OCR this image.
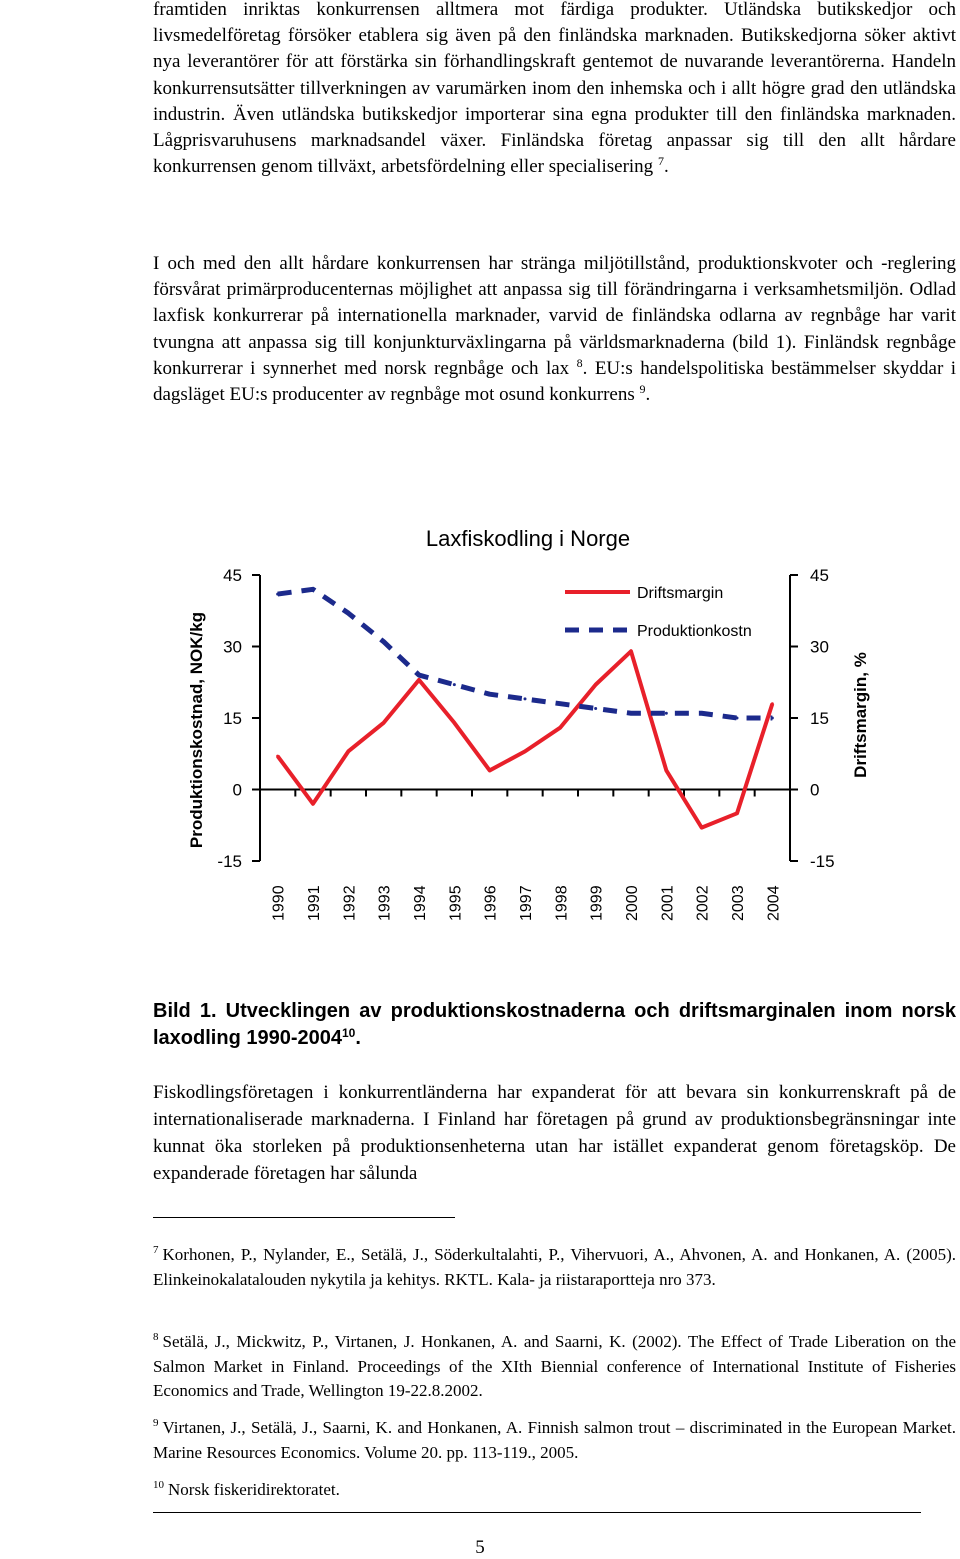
framtiden inriktas konkurrensen alltmera mot färdiga produkter. Utländska butikskedjor och livsmedelföretag försöker etablera sig även på den finländska marknaden. Butikskedjorna söker aktivt nya leverantörer för att förstärka sin förhandlingskraft gentemot de nuvarande leverantörerna. Handeln konkurrensutsätter tillverkningen av varumärken inom den inhemska och i allt högre grad den utländska industrin. Även utländska butikskedjor importerar sina egna produkter till den finländska marknaden. Lågprisvaruhusens marknadsandel växer. Finländska företag anpassar sig till den allt hårdare konkurrensen genom tillväxt, arbetsfördelning eller specialisering $^7$.

I och med den allt hårdare konkurrensen har stränga miljötillstånd, produktionskvoter och -reglering försvårat primärproducenternas möjlighet att anpassa sig till förändringarna i verksamhetsmiljön. Odlad laxfisk konkurrerar på internationella marknader, varvid de finländska odlarna av regnbåge har varit tvungna att anpassa sig till konjunkturväxlingarna på världsmarknaderna (bild 1). Finländsk regnbåge konkurrerar i synnerhet med norsk regnbåge och lax $^8$. EU:s handelspolitiska bestämmelser skyddar i dagsläget EU:s producenter av regnbåge mot osund konkurrens $^9$.

Laxfiskodling i Norge
Produktionskostnad, NOK/kg	Driftsmargin, %
45	45
30	30
15	15
0	0
-15	-15
1990 1991 1992 1993 1994 1995 1996 1997 1998 1999 2000 2001 2002 2003 2004
Driftsmargin
Produktionkostn

Bild 1. Utvecklingen av produktionskostnaderna och driftsmarginalen inom norsk laxodling 1990-2004$^{10}$.

Fiskodlingsföretagen i konkurrentländerna har expanderat för att bevara sin konkurrenskraft på de internationaliserade marknaderna. I Finland har företagen på grund av produktionsbegränsningar inte kunnat öka storleken på produktionsenheterna utan har istället expanderat genom företagsköp. De expanderade företagen har sålunda

$^7$ Korhonen, P., Nylander, E., Setälä, J., Söderkultalahti, P., Vihervuori, A., Ahvonen, A. and Honkanen, A. (2005). Elinkeinokalatalouden nykytila ja kehitys. RKTL. Kala- ja riistaraportteja nro 373.

$^8$ Setälä, J., Mickwitz, P., Virtanen, J. Honkanen, A. and Saarni, K. (2002). The Effect of Trade Liberation on the Salmon Market in Finland. Proceedings of the XIth Biennial conference of International Institute of Fisheries Economics and Trade, Wellington 19-22.8.2002.

$^9$ Virtanen, J., Setälä, J., Saarni, K. and Honkanen, A. Finnish salmon trout – discriminated in the European Market. Marine Resources Economics. Volume 20. pp. 113-119., 2005.

$^{10}$ Norsk fiskeridirektoratet.

5
